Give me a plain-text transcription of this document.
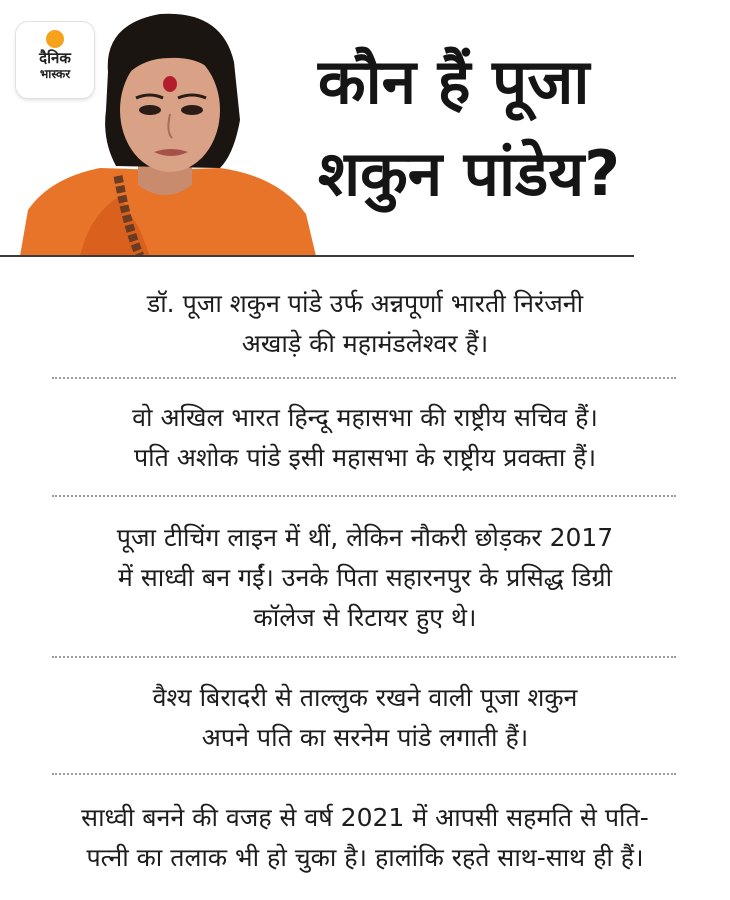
दैनिक
भास्कर	कौन हैं पूजा
शकुन पांडेय?
डॉ. पूजा शकुन पांडे उर्फ अन्नपूर्णा भारती निरंजनी
अखाड़े की महामंडलेश्वर हैं।
वो अखिल भारत हिन्दू महासभा की राष्ट्रीय सचिव हैं।
पति अशोक पांडे इसी महासभा के राष्ट्रीय प्रवक्ता हैं।
पूजा टीचिंग लाइन में थीं, लेकिन नौकरी छोड़कर 2017
में साध्वी बन गईं। उनके पिता सहारनपुर के प्रसिद्ध डिग्री
कॉलेज से रिटायर हुए थे।
वैश्य बिरादरी से ताल्लुक रखने वाली पूजा शकुन
अपने पति का सरनेम पांडे लगाती हैं।
साध्वी बनने की वजह से वर्ष 2021 में आपसी सहमति से पति-
पत्नी का तलाक भी हो चुका है। हालांकि रहते साथ-साथ ही हैं।
